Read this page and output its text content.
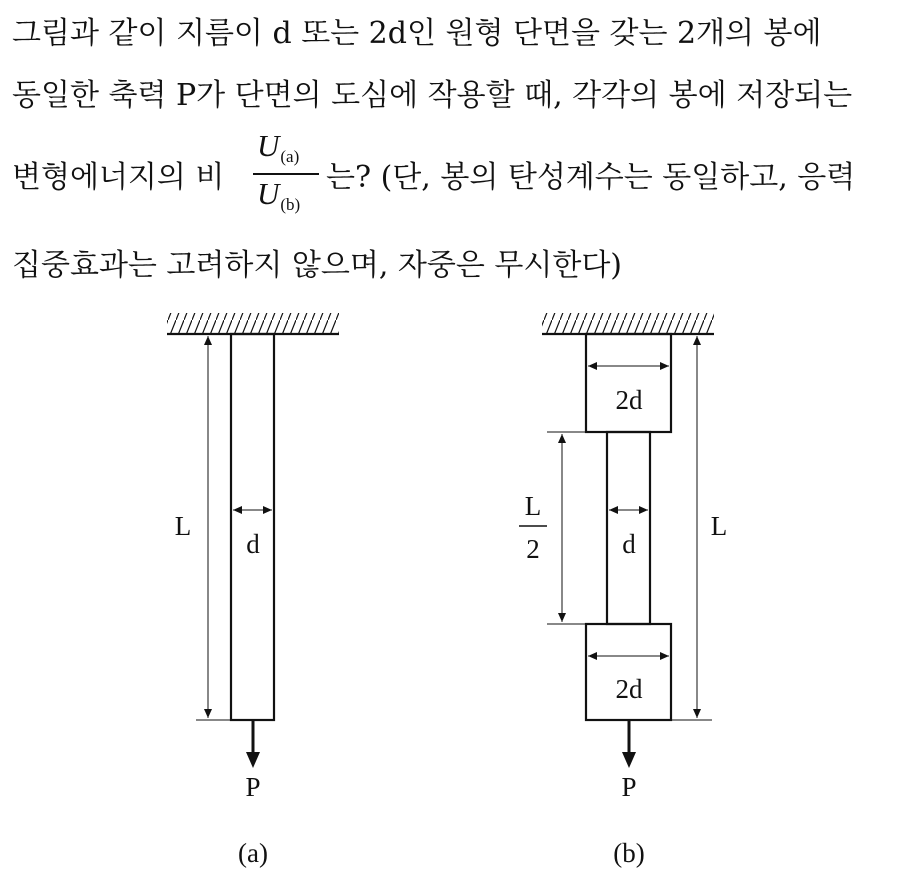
그림과 같이 지름이 d 또는 2d인 원형 단면을 갖는 2개의 봉에
동일한 축력 P가 단면의 도심에 작용할 때, 각각의 봉에 저장되는
변형에너지의 비	는? (단, 봉의 탄성계수는 동일하고, 응력
집중효과는 고려하지 않으며, 자중은 무시한다)
$U_{(a)}$
$U_{(b)}$
L
d
P
(a)
2d
d
2d
L
2
L
P
(b)
